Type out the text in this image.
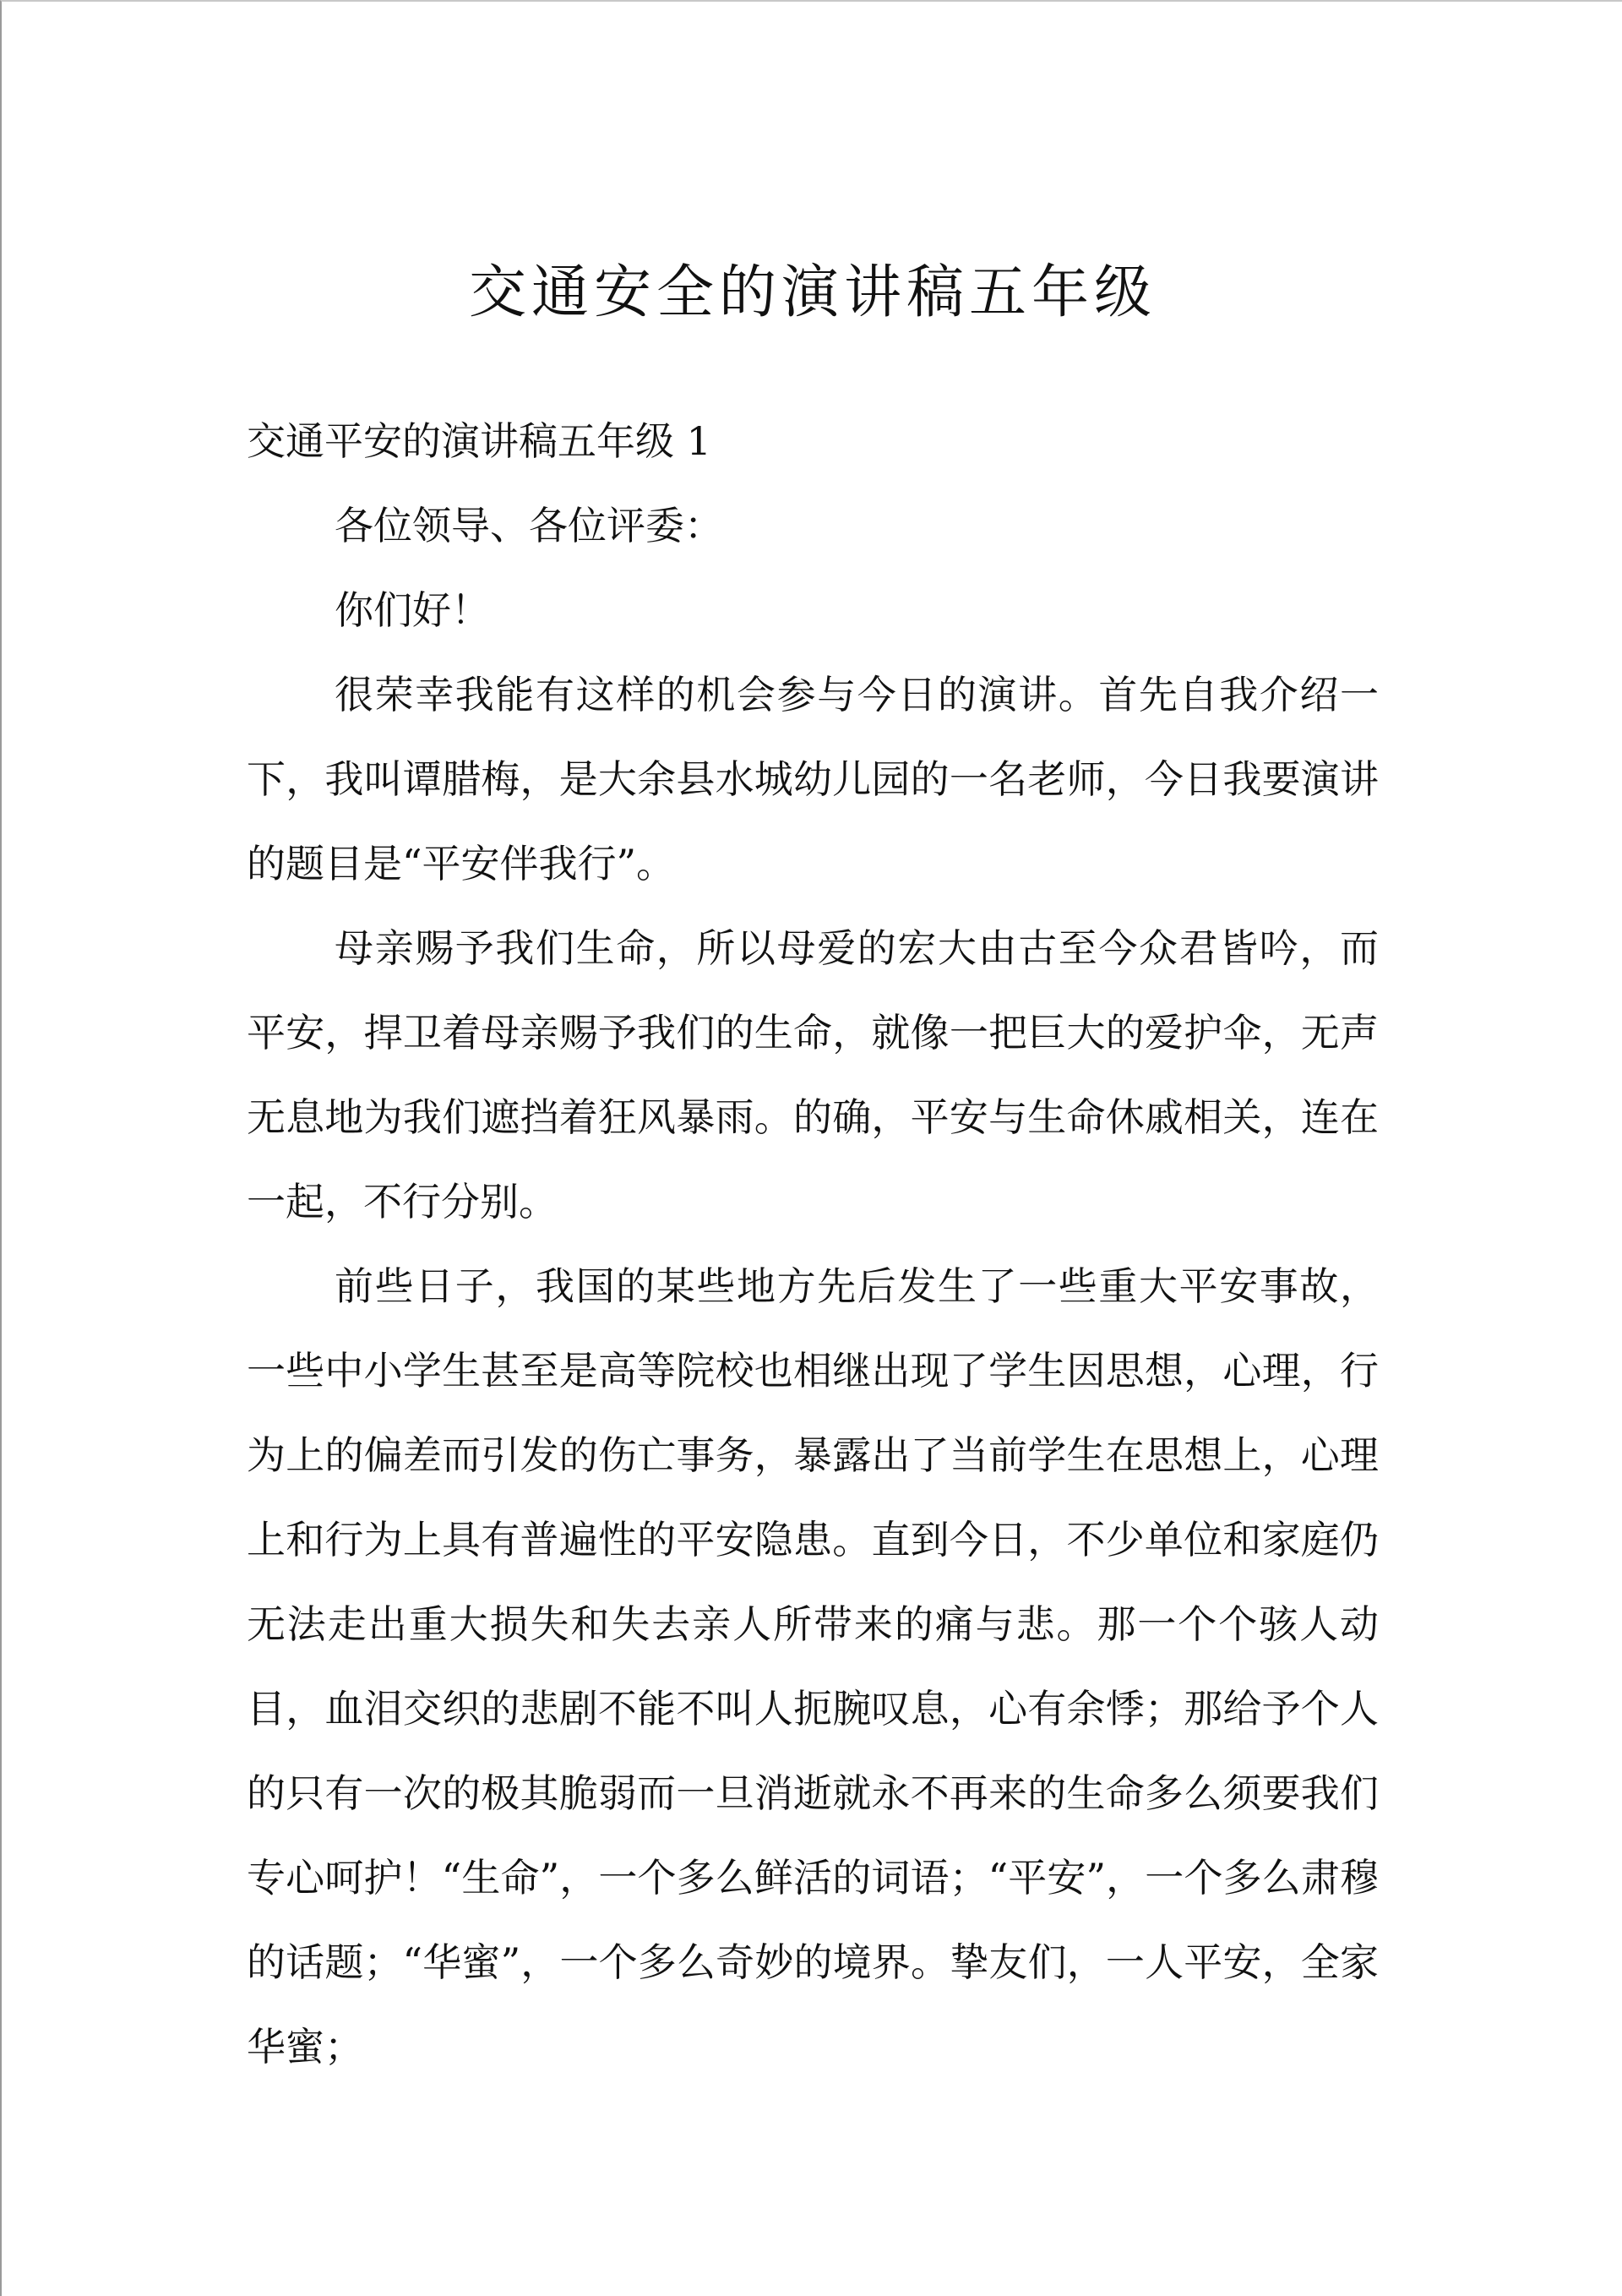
交通安全的演讲稿五年级

交通平安的演讲稿五年级 1

各位领导、各位评委：

你们好！

很荣幸我能有这样的机会参与今日的演讲。首先自我介绍一下，我叫谭腊梅，是大余县水城幼儿园的一名老师，今日我要演讲的题目是“平安伴我行”。

母亲赐予我们生命，所以母爱的宏大由古至今众君皆吟，而平安，捍卫着母亲赐予我们的生命，就像一把巨大的爱护伞，无声无息地为我们遮挡着狂风暴雨。的确，平安与生命休戚相关，连在一起，不行分别。

前些日子，我国的某些地方先后发生了一些重大平安事故，一些中小学生甚至是高等院校也相继出现了学生因思想，心理，行为上的偏差而引发的伤亡事务，暴露出了当前学生在思想上，心理上和行为上具有普遍性的平安隐患。直到今日，不少单位和家庭仍无法走出重大损失和失去亲人所带来的痛与悲。那一个个骇人动目，血泪交织的悲剧不能不叫人扼腕叹息，心有余悸；那给予个人的只有一次的极其脆弱而一旦消逝就永不再来的生命多么须要我们专心呵护！“生命”，一个多么鲜活的词语；“平安”，一个多么肃穆的话题；“华蜜”，一个多么奇妙的境界。挚友们，一人平安，全家华蜜；
